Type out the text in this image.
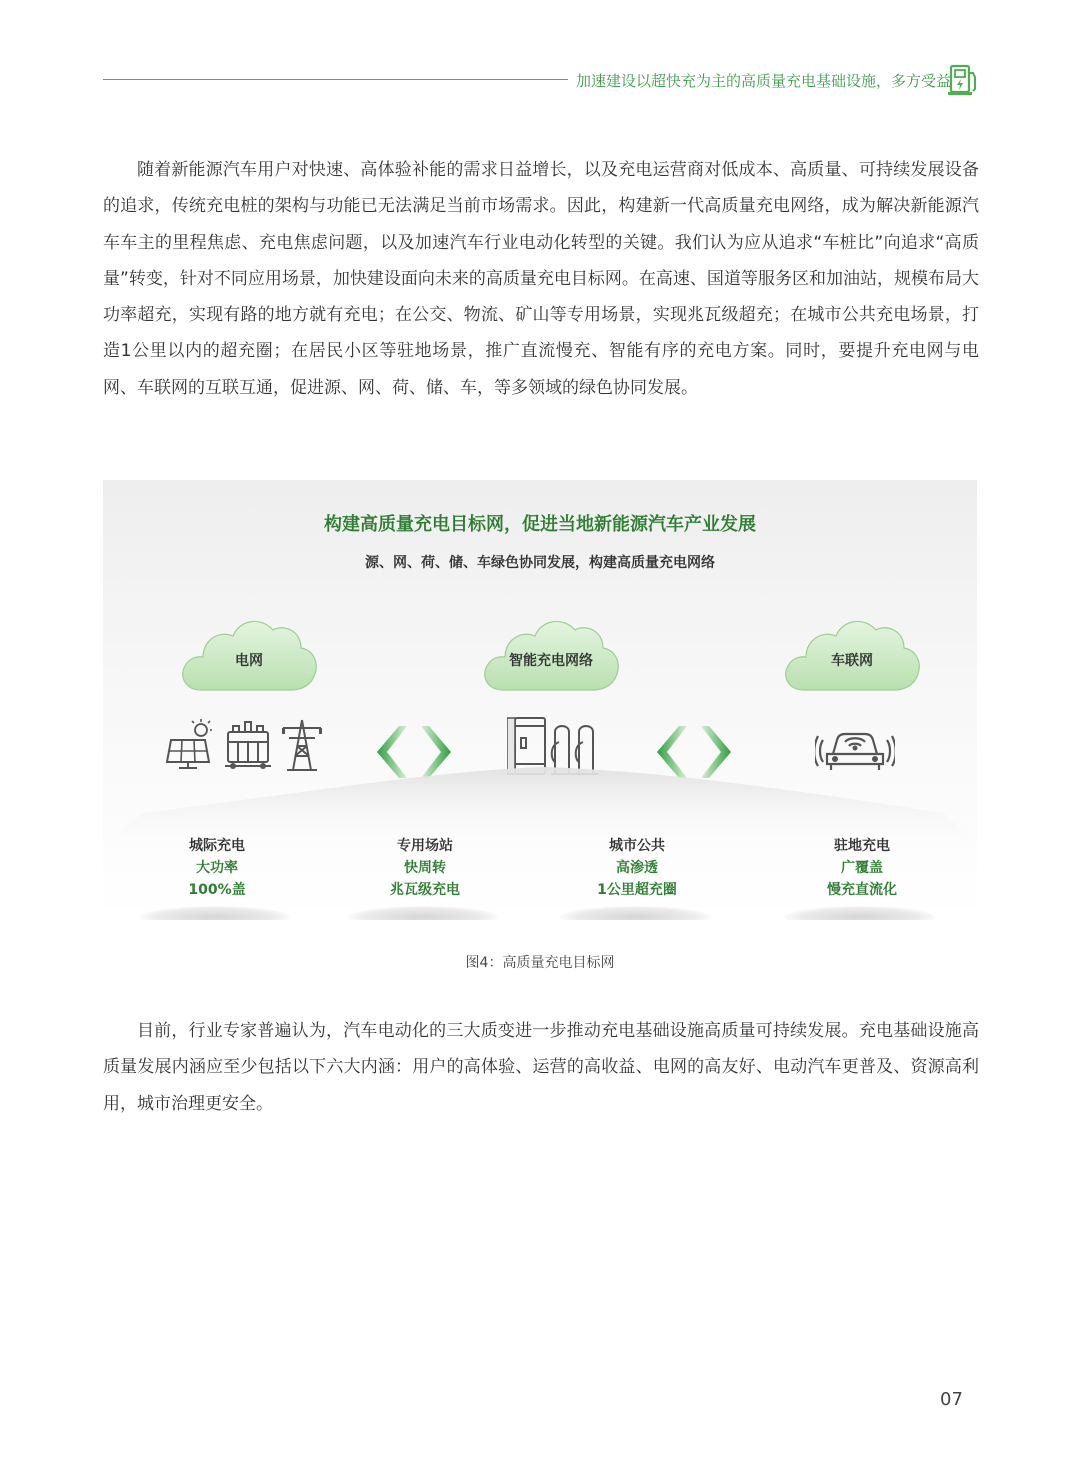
加速建设以超快充为主的高质量充电基础设施，多方受益

随着新能源汽车用户对快速、高体验补能的需求日益增长，以及充电运营商对低成本、高质量、可持续发展设备的追求，传统充电桩的架构与功能已无法满足当前市场需求。因此，构建新一代高质量充电网络，成为解决新能源汽车车主的里程焦虑、充电焦虑问题，以及加速汽车行业电动化转型的关键。我们认为应从追求“车桩比”向追求“高质量”转变，针对不同应用场景，加快建设面向未来的高质量充电目标网。在高速、国道等服务区和加油站，规模布局大功率超充，实现有路的地方就有充电；在公交、物流、矿山等专用场景，实现兆瓦级超充；在城市公共充电场景，打造1公里以内的超充圈；在居民小区等驻地场景，推广直流慢充、智能有序的充电方案。同时，要提升充电网与电网、车联网的互联互通，促进源、网、荷、储、车，等多领域的绿色协同发展。

构建高质量充电目标网，促进当地新能源汽车产业发展
源、网、荷、储、车绿色协同发展，构建高质量充电网络
电网	智能充电网络	车联网
城际充电
大功率
100%盖
专用场站
快周转
兆瓦级充电
城市公共
高渗透
1公里超充圈
驻地充电
广覆盖
慢充直流化
图4：高质量充电目标网

目前，行业专家普遍认为，汽车电动化的三大质变进一步推动充电基础设施高质量可持续发展。充电基础设施高质量发展内涵应至少包括以下六大内涵：用户的高体验、运营的高收益、电网的高友好、电动汽车更普及、资源高利用，城市治理更安全。

07
